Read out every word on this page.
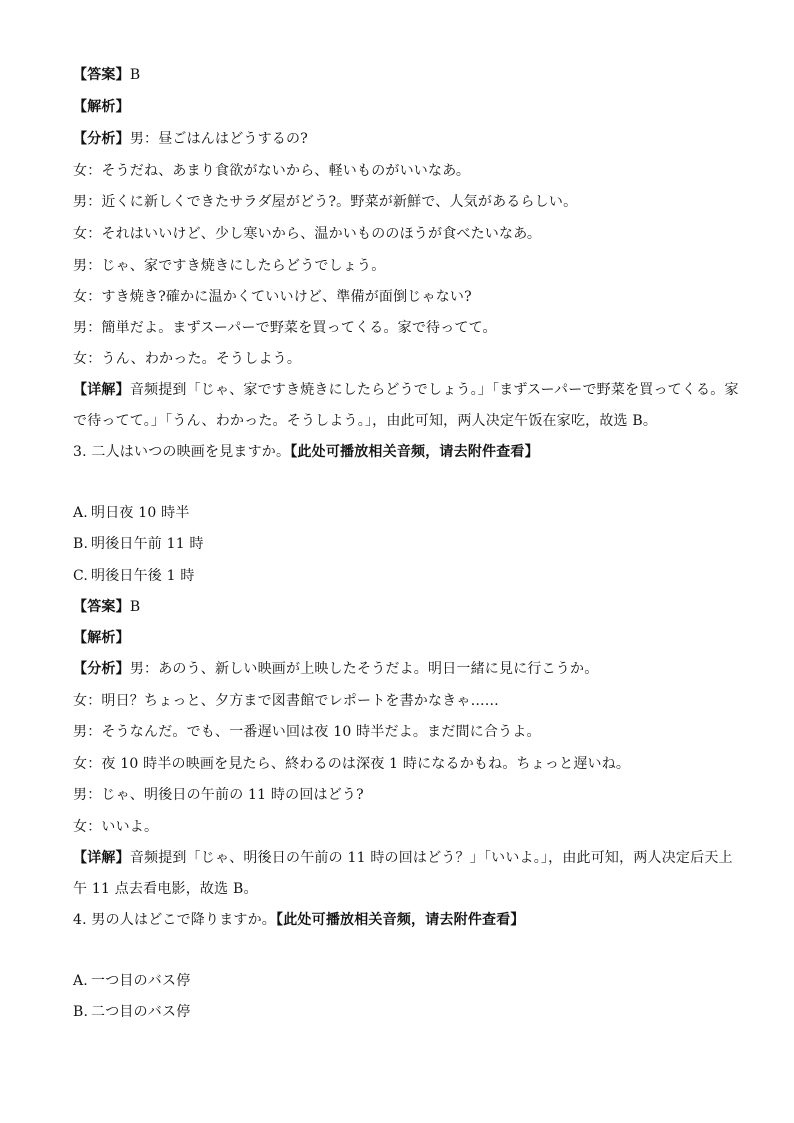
【答案】B
【解析】
【分析】男：昼ごはんはどうするの?
女：そうだね、あまり食欲がないから、軽いものがいいなあ。
男：近くに新しくできたサラダ屋がどう?。野菜が新鮮で、人気があるらしい。
女：それはいいけど、少し寒いから、温かいもののほうが食べたいなあ。
男：じゃ、家ですき焼きにしたらどうでしょう。
女：すき焼き?確かに温かくていいけど、準備が面倒じゃない?
男：簡単だよ。まずスーパーで野菜を買ってくる。家で待ってて。
女：うん、わかった。そうしよう。
【详解】音频提到「じゃ、家ですき焼きにしたらどうでしょう。」「まずスーパーで野菜を買ってくる。家
で待ってて。」「うん、わかった。そうしよう。」，由此可知，两人决定午饭在家吃，故选 B。
3. 二人はいつの映画を見ますか。【此处可播放相关音频，请去附件查看】
A. 明日夜 10 時半
B. 明後日午前 11 時
C. 明後日午後 1 時
【答案】B
【解析】
【分析】男：あのう、新しい映画が上映したそうだよ。明日一緒に見に行こうか。
女：明日？ちょっと、夕方まで図書館でレポートを書かなきゃ……
男：そうなんだ。でも、一番遅い回は夜 10 時半だよ。まだ間に合うよ。
女：夜 10 時半の映画を見たら、終わるのは深夜 1 時になるかもね。ちょっと遅いね。
男：じゃ、明後日の午前の 11 時の回はどう?
女：いいよ。
【详解】音频提到「じゃ、明後日の午前の 11 時の回はどう？」「いいよ。」，由此可知，两人决定后天上
午 11 点去看电影，故选 B。
4. 男の人はどこで降りますか。【此处可播放相关音频，请去附件查看】
A. 一つ目のバス停
B. 二つ目のバス停
